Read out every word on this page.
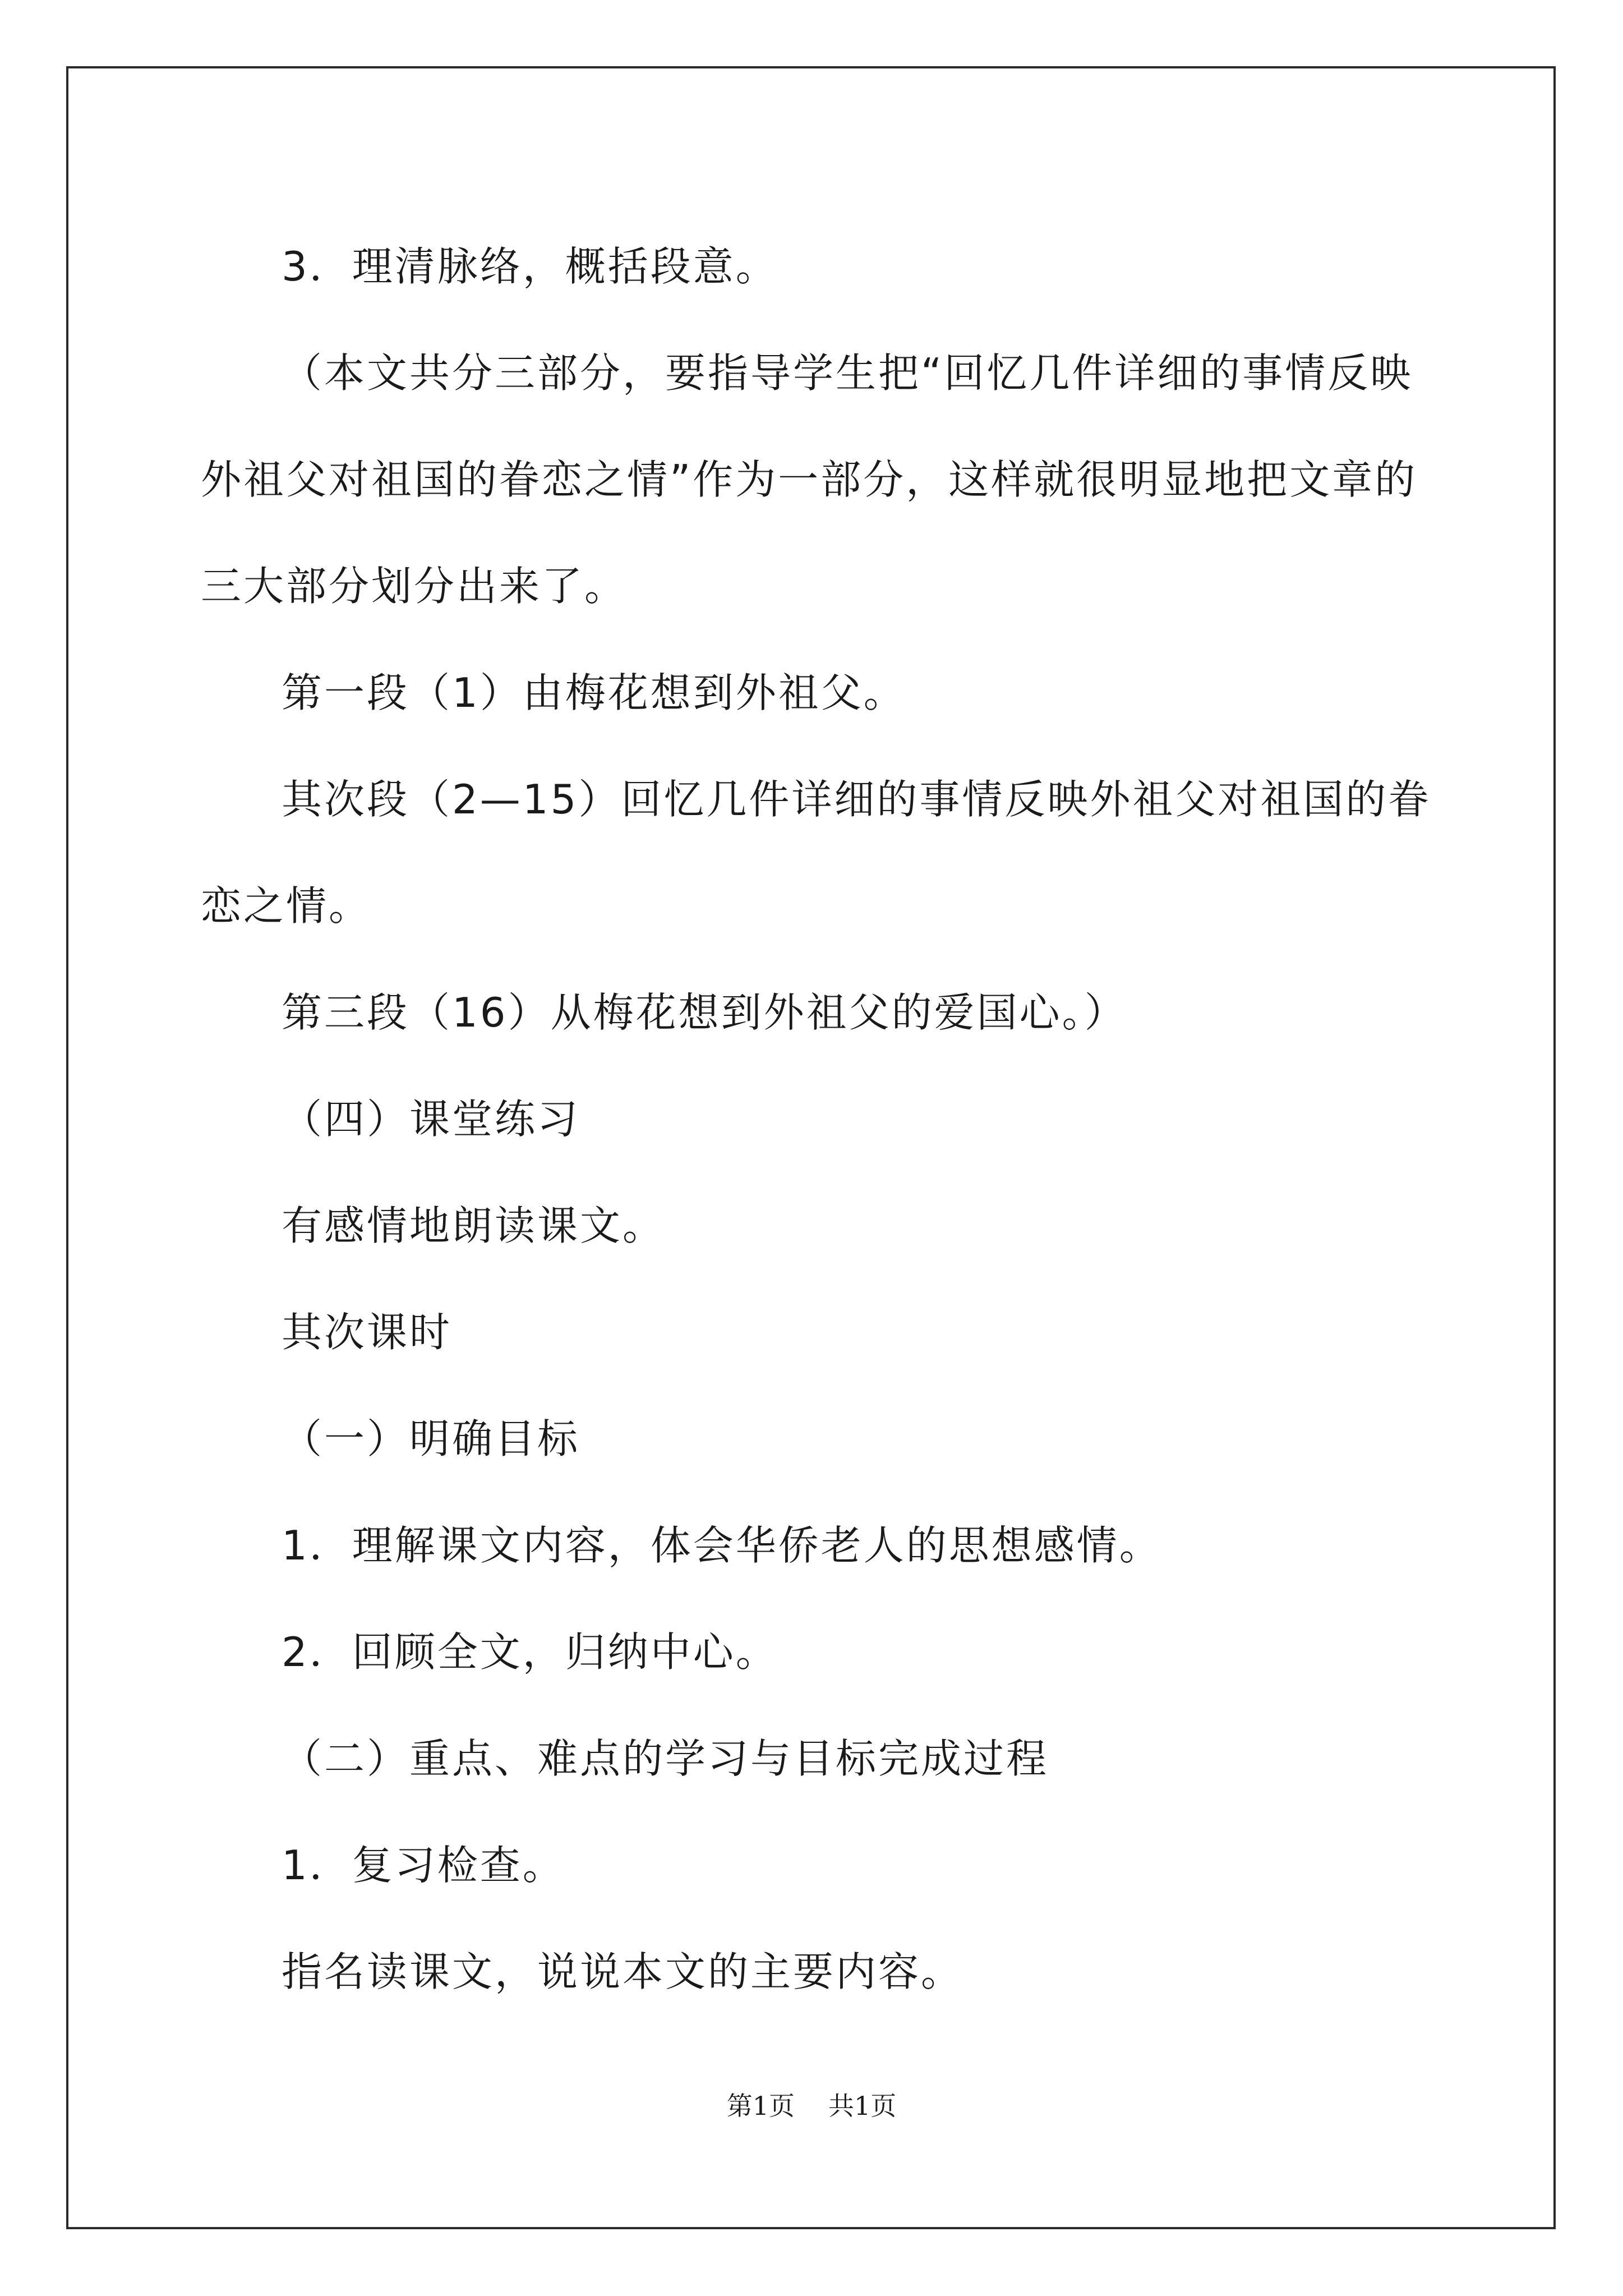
3．理清脉络，概括段意。

（本文共分三部分，要指导学生把“回忆几件详细的事情反映外祖父对祖国的眷恋之情”作为一部分，这样就很明显地把文章的三大部分划分出来了。

第一段（1）由梅花想到外祖父。

其次段（2—15）回忆几件详细的事情反映外祖父对祖国的眷恋之情。

第三段（16）从梅花想到外祖父的爱国心。）

（四）课堂练习

有感情地朗读课文。

其次课时

（一）明确目标

1．理解课文内容，体会华侨老人的思想感情。

2．回顾全文，归纳中心。

（二）重点、难点的学习与目标完成过程

1．复习检查。

指名读课文，说说本文的主要内容。

第1页 共1页
